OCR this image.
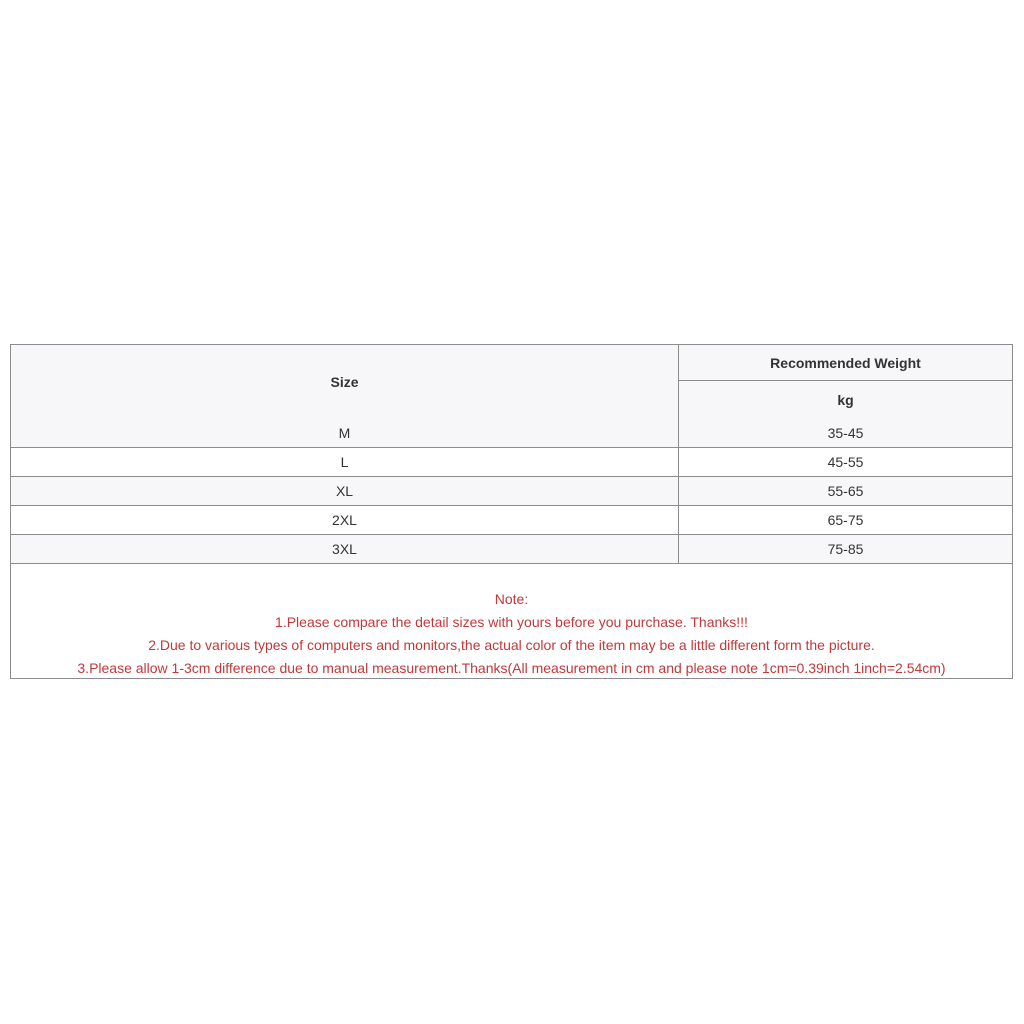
Size
Recommended Weight
kg
M	35-45
L	45-55
XL	55-65
2XL	65-75
3XL	75-85
Note:
1.Please compare the detail sizes with yours before you purchase. Thanks!!!
2.Due to various types of computers and monitors,the actual color of the item may be a little different form the picture.
3.Please allow 1-3cm difference due to manual measurement.Thanks(All measurement in cm and please note 1cm=0.39inch 1inch=2.54cm)
